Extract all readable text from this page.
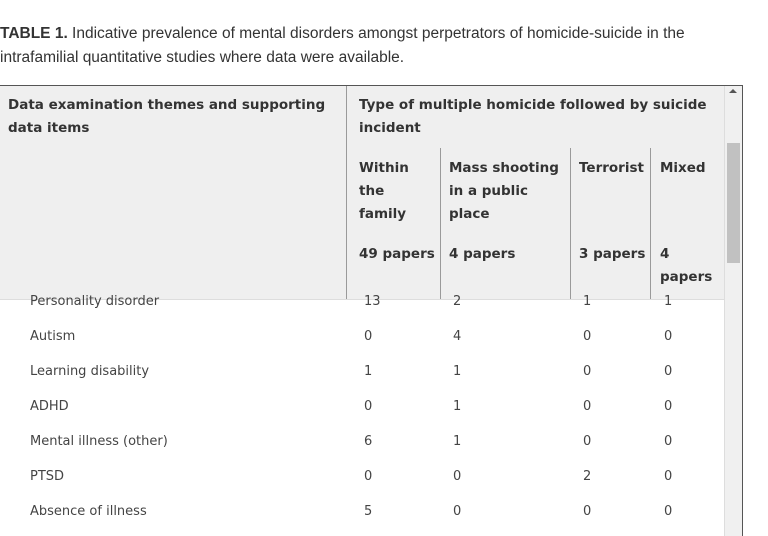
TABLE 1. Indicative prevalence of mental disorders amongst perpetrators of homicide-suicide in the intrafamilial quantitative studies where data were available.
Data examination themes and supporting data items
Type of multiple homicide followed by suicide incident
Within the family
49 papers
Mass shooting in a public place
4 papers
Terrorist
3 papers
Mixed
4 papers
Personality disorder	13	2	1	1
Autism	0	4	0	0
Learning disability	1	1	0	0
ADHD	0	1	0	0
Mental illness (other)	6	1	0	0
PTSD	0	0	2	0
Absence of illness	5	0	0	0
